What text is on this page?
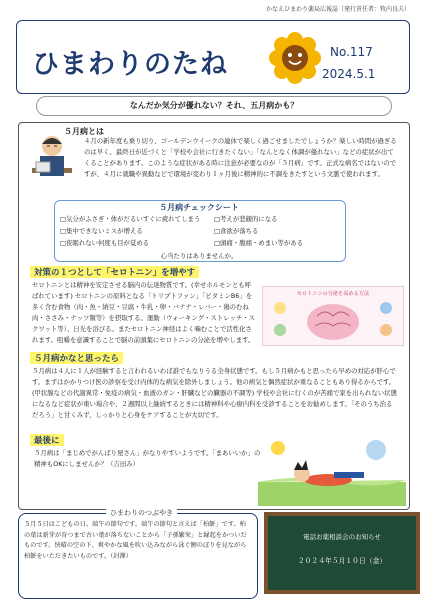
かなえひまわり薬局広報誌（発行責任者：牧内良夫）
ひまわりのたね	No.117
2024.5.1
なんだか気分が優れない？それ、五月病かも？
５月病とは
４月の新年度も乗り切り、ゴールデンウイークの連休で楽しく過ごせましたでしょうか？楽しい時間が過ぎるのは早く、最終日が近づくと「学校や会社に行きたくない」「なんとなく体調が優れない」などの症状が出てくることがあります。このような症状がある時に注意が必要なのが「５月病」です。正式な病名ではないのですが、４月に就職や異動などで環境が変わり１ヶ月後に精神的に不調をきたすという文脈で使われます。
５月病チェックシート
□気分がふさぎ・体がだるいすぐに疲れてしまう □考えが悲観的になる
□集中できないミスが増える	□食欲が落ちる
□夜眠れない何度も目が覚める	□頭痛・腹痛・めまい等がある
心当たりはありませんか。
対策の１つとして「セロトニン」を増やす
セロトニンとは精神を安定させる脳内の伝達物質です。(幸せホルモンとも呼ばれています) セロトニンの原料となる「トリプトファン」「ビタミンB6」を多く含む食物（肉・魚・納豆・豆腐・牛乳・卵・バナナ・レバー・鶏のむね肉・ささみ・ナッツ類等）を摂取する。運動（ウォーキング・ストレッチ・スクワット等）、日光を浴びる。またセロトニン神経はよく噛むことで活性化されます。咀嚼を意識することで脳の前頭葉にセロトニンの分泌を増やします。
セロトニンの分泌を高める方法
５月病かなと思ったら
５月病は４人に１人が経験すると言われるいわば誰でもなりうる全身状態です。もし５月病かもと思ったら早めの対応が肝心です。まずはかかりつけ医の診察を受け内体的な病気を除外しましょう。他の病気と偶然症状が重なることもあり得るからです。(甲状腺などの代謝異常・免疫の病気・血液のガン・肝臓などの臓器の不調等) 学校や会社に行くのが苦痛で家を出られない状態になるなど症状が重い場合や、２週間以上継続するときには精神科や心療内科を受診することをお勧めします。「そのうち治るだろう」と甘くみず、しっかりと心身をケアすることが大切です。
最後に
５月病は「まじめでがんばり屋さん」がなりやすいようです。「まあいいか」の精神もOKにしませんか？（吉田み）
ひまわりのつぶやき
５月５日はこどもの日。端午の節句です。端午の節句と言えば「柏餅」です。柏の葉は新芽が育つまで古い葉が落ちないことから「子孫繁栄」と縁起をかついだものです。快晴の空の下、爽やかな風を吹い込みながら泳ぐ鯉のぼりを見ながら柏餅をいただきたいものです。（封澤）
電話お薬相談会のお知らせ
２０２４年５月１０日（金）
